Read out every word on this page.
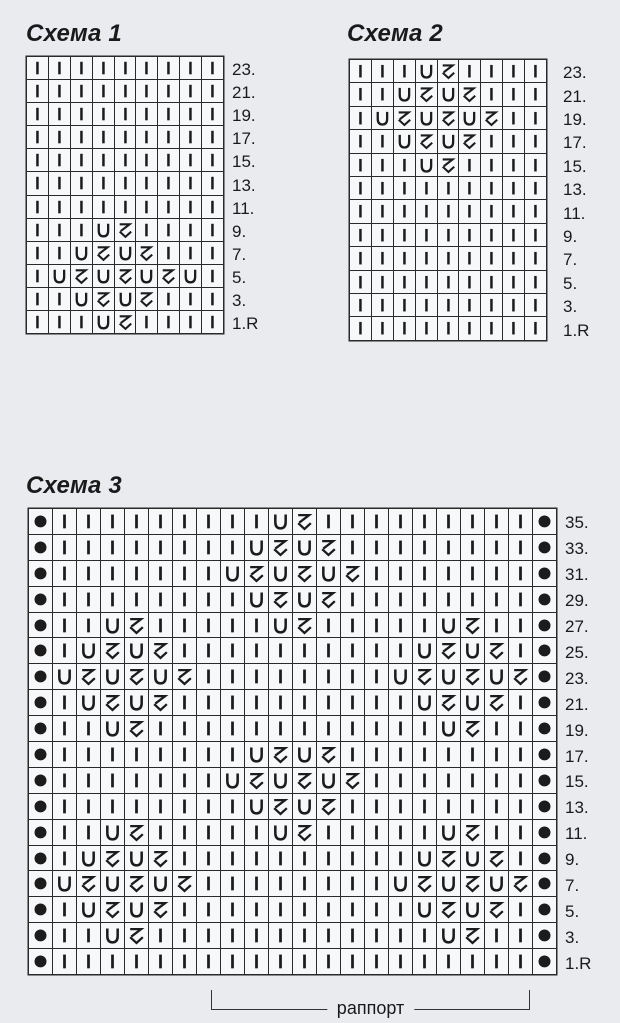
Схема 1
23.
21.
19.
17.
15.
13.
11.
9.
7.
5.
3.
1.R
Схема 2
23.
21.
19.
17.
15.
13.
11.
9.
7.
5.
3.
1.R
Схема 3
35.
33.
31.
29.
27.
25.
23.
21.
19.
17.
15.
13.
11.
9.
7.
5.
3.
1.R
раппорт
